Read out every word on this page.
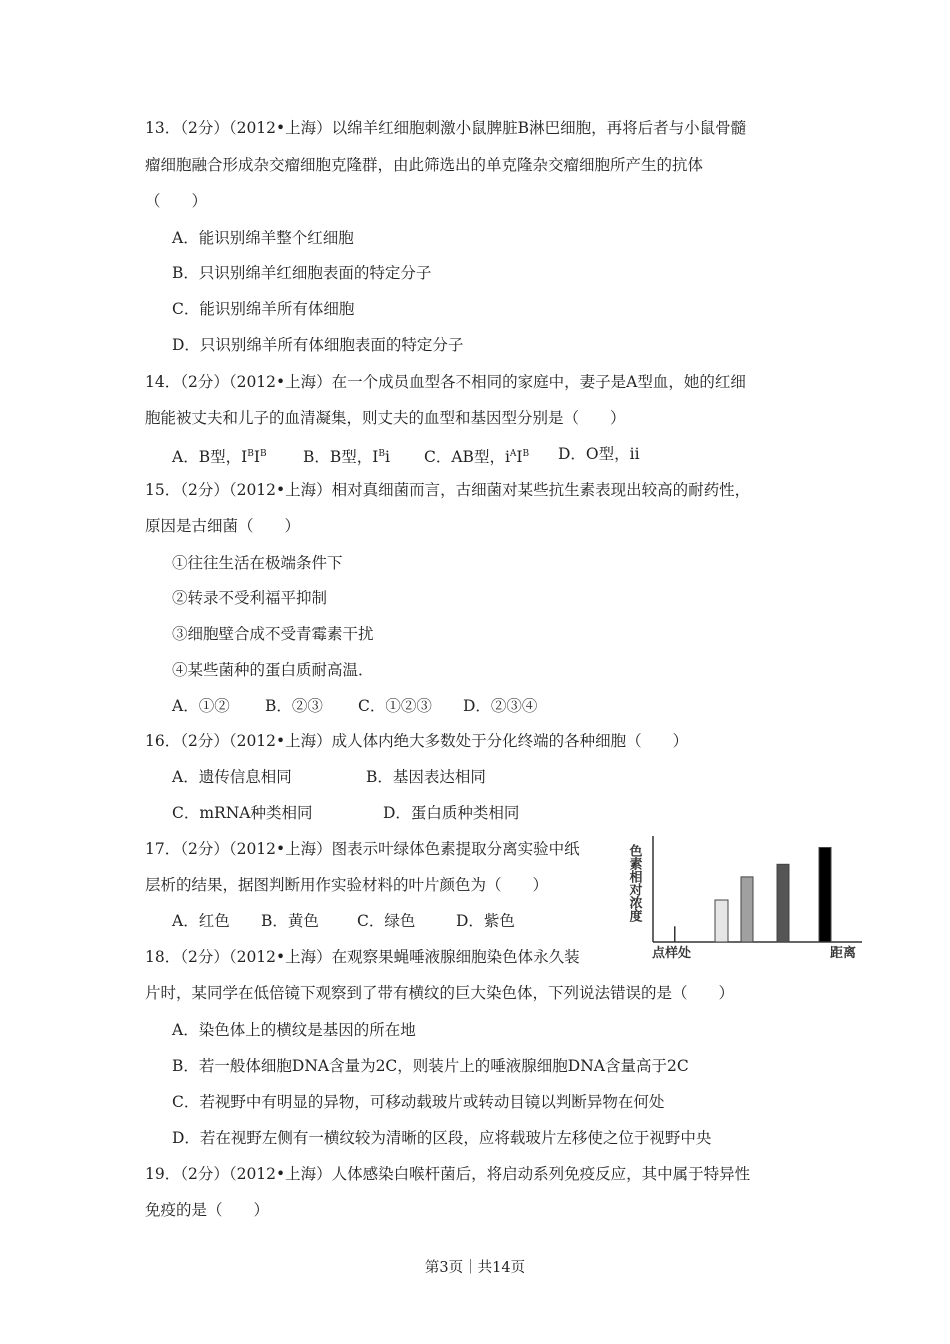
13．（2分）（2012•上海）以绵羊红细胞刺激小鼠脾脏B淋巴细胞，再将后者与小鼠骨髓
瘤细胞融合形成杂交瘤细胞克隆群，由此筛选出的单克隆杂交瘤细胞所产生的抗体
（　　）
A．能识别绵羊整个红细胞
B．只识别绵羊红细胞表面的特定分子
C．能识别绵羊所有体细胞
D．只识别绵羊所有体细胞表面的特定分子
14．（2分）（2012•上海）在一个成员血型各不相同的家庭中，妻子是A型血，她的红细
胞能被丈夫和儿子的血清凝集，则丈夫的血型和基因型分别是（　　）
A．B型，$I^BI^B$ B．B型，$I^Bi$ C．AB型，$i^AI^B$ D．O型，ii
15．（2分）（2012•上海）相对真细菌而言，古细菌对某些抗生素表现出较高的耐药性，
原因是古细菌（　　）
①往往生活在极端条件下
②转录不受利福平抑制
③细胞壁合成不受青霉素干扰
④某些菌种的蛋白质耐高温．
A．①② B．②③ C．①②③ D．②③④
16．（2分）（2012•上海）成人体内绝大多数处于分化终端的各种细胞（　　）
A．遗传信息相同	B．基因表达相同
C．mRNA种类相同	D．蛋白质种类相同
17．（2分）（2012•上海）图表示叶绿体色素提取分离实验中纸
层析的结果，据图判断用作实验材料的叶片颜色为（　　）
A．红色 B．黄色 C．绿色	D．紫色	色素相对浓度
点样处	距离
18．（2分）（2012•上海）在观察果蝇唾液腺细胞染色体永久装
片时，某同学在低倍镜下观察到了带有横纹的巨大染色体，下列说法错误的是（　　）
A．染色体上的横纹是基因的所在地
B．若一般体细胞DNA含量为2C，则装片上的唾液腺细胞DNA含量高于2C
C．若视野中有明显的异物，可移动载玻片或转动目镜以判断异物在何处
D．若在视野左侧有一横纹较为清晰的区段，应将载玻片左移使之位于视野中央
19．（2分）（2012•上海）人体感染白喉杆菌后，将启动系列免疫反应，其中属于特异性
免疫的是（　　）
第3页｜共14页
